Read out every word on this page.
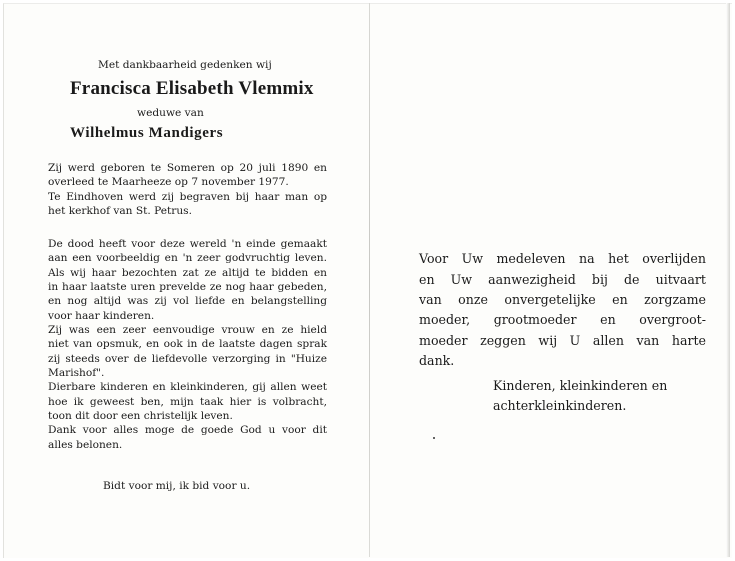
Met dankbaarheid gedenken wij
Francisca Elisabeth Vlemmix
weduwe van
Wilhelmus Mandigers
Zij werd geboren te Someren op 20 juli 1890 en
overleed te Maarheeze op 7 november 1977.
Te Eindhoven werd zij begraven bij haar man op
het kerkhof van St. Petrus.
De dood heeft voor deze wereld 'n einde gemaakt
aan een voorbeeldig en 'n zeer godvruchtig leven.
Als wij haar bezochten zat ze altijd te bidden en
in haar laatste uren prevelde ze nog haar gebeden,
en nog altijd was zij vol liefde en belangstelling
voor haar kinderen.
Zij was een zeer eenvoudige vrouw en ze hield
niet van opsmuk, en ook in de laatste dagen sprak
zij steeds over de liefdevolle verzorging in "Huize
Marishof".
Dierbare kinderen en kleinkinderen, gij allen weet
hoe ik geweest ben, mijn taak hier is volbracht,
toon dit door een christelijk leven.
Dank voor alles moge de goede God u voor dit
alles belonen.
Bidt voor mij, ik bid voor u.
Voor Uw medeleven na het overlijden
en Uw aanwezigheid bij de uitvaart
van onze onvergetelijke en zorgzame
moeder, grootmoeder en overgroot-
moeder zeggen wij U allen van harte
dank.
Kinderen, kleinkinderen en
achterkleinkinderen.
